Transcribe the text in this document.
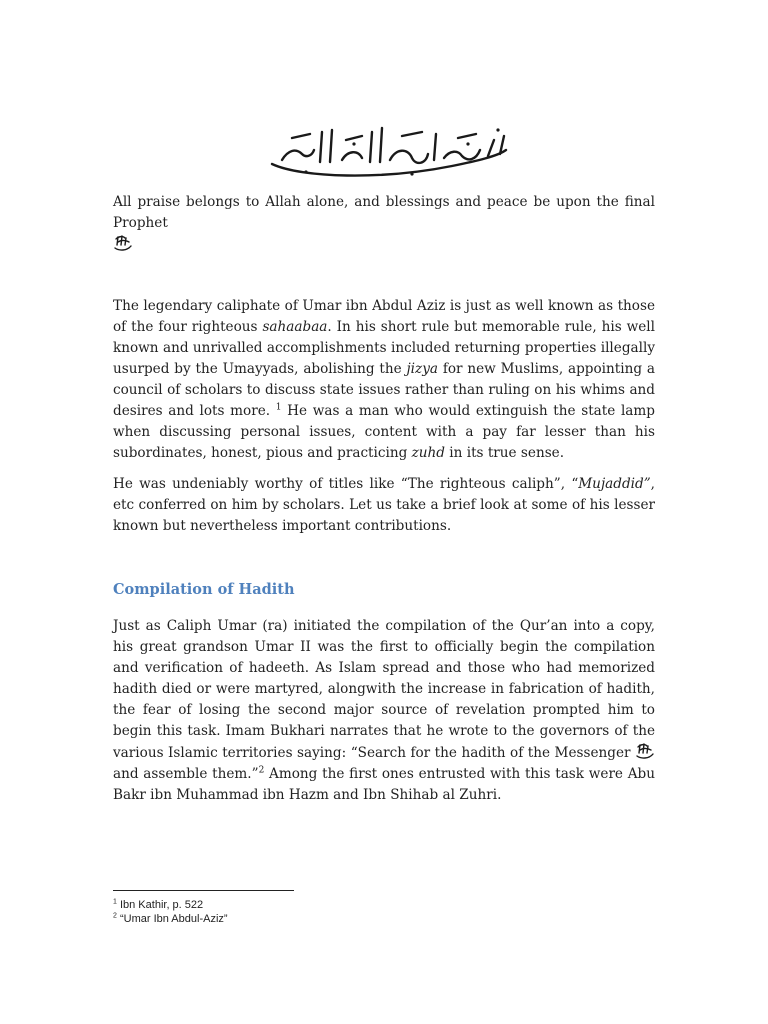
بسم الله الرحمن الرحيم

All praise belongs to Allah alone, and blessings and peace be upon the final Prophet

The legendary caliphate of Umar ibn Abdul Aziz is just as well known as those of the four righteous sahaabaa. In his short rule but memorable rule, his well known and unrivalled accomplishments included returning properties illegally usurped by the Umayyads, abolishing the jizya for new Muslims, appointing a council of scholars to discuss state issues rather than ruling on his whims and desires and lots more. $^1$ He was a man who would extinguish the state lamp when discussing personal issues, content with a pay far lesser than his subordinates, honest, pious and practicing zuhd in its true sense.

He was undeniably worthy of titles like “The righteous caliph”, “Mujaddid”, etc conferred on him by scholars. Let us take a brief look at some of his lesser known but nevertheless important contributions.

Compilation of Hadith

Just as Caliph Umar (ra) initiated the compilation of the Qur’an into a copy, his great grandson Umar II was the first to officially begin the compilation and verification of hadeeth. As Islam spread and those who had memorized hadith died or were martyred, alongwith the increase in fabrication of hadith, the fear of losing the second major source of revelation prompted him to begin this task. Imam Bukhari narrates that he wrote to the governors of the various Islamic territories saying: “Search for the hadith of the Messenger  and assemble them.”$^2$ Among the first ones entrusted with this task were Abu Bakr ibn Muhammad ibn Hazm and Ibn Shihab al Zuhri.

$^1$ Ibn Kathir, p. 522
$^2$ “Umar Ibn Abdul-Aziz”
